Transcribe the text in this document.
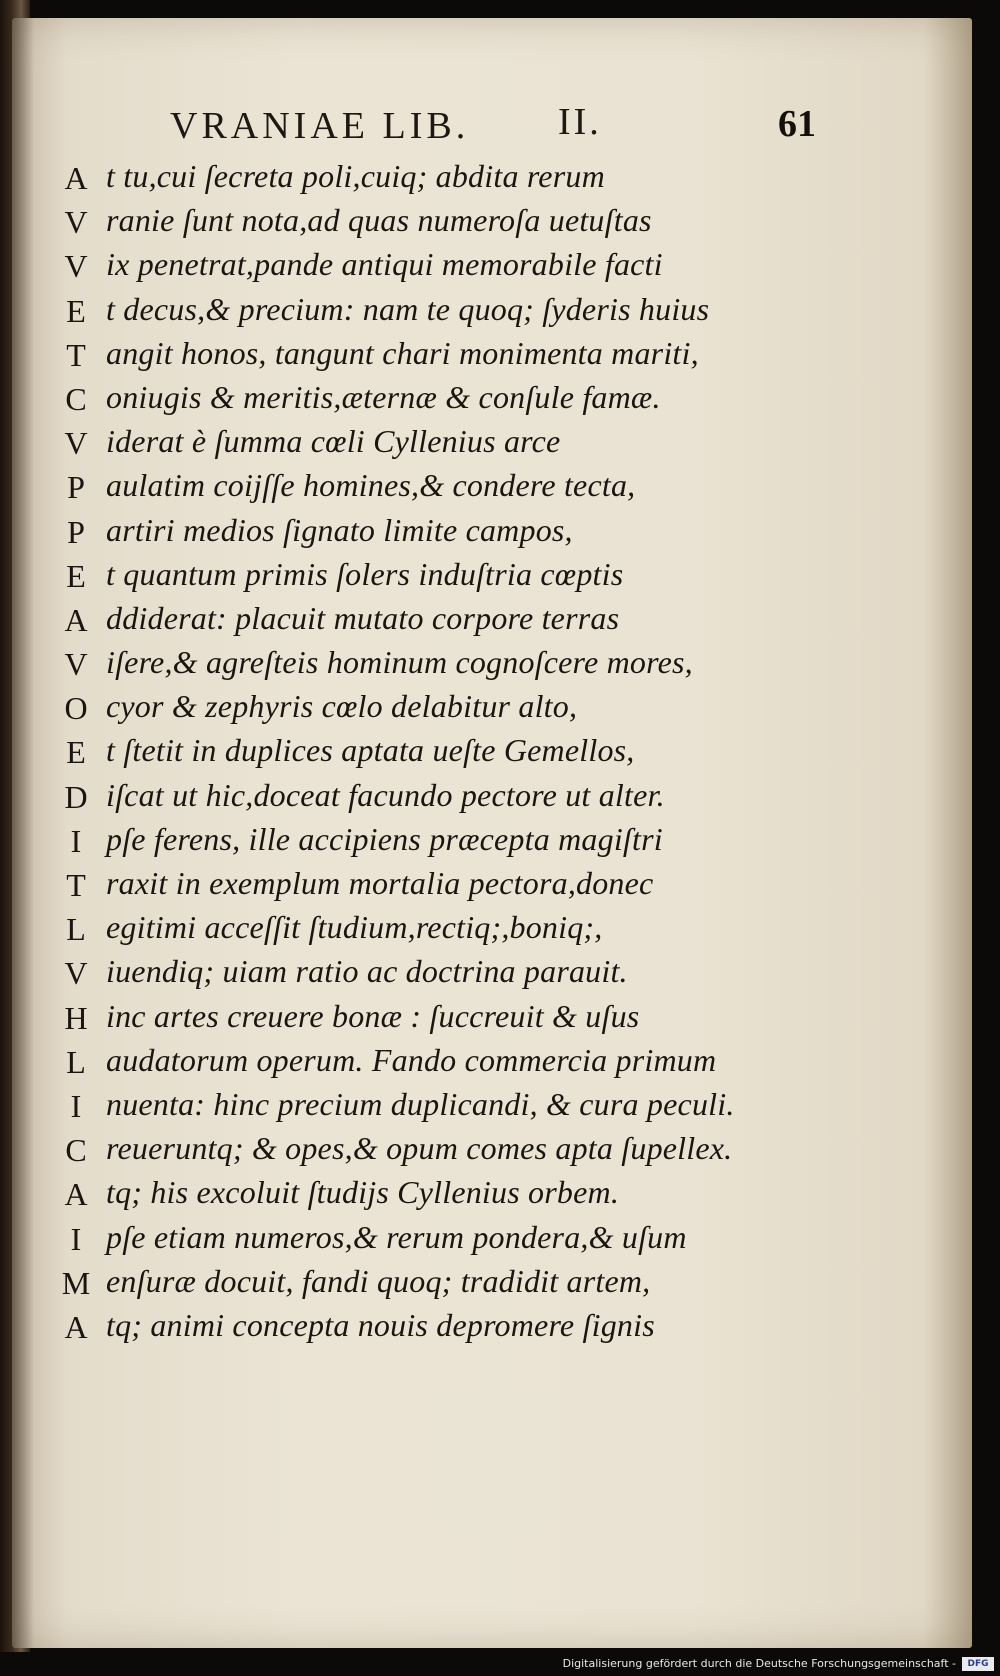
VRANIAE LIB. II.	61
A t tu,cui ſecreta poli,cuiq; abdita rerum
V ranie ſunt nota,ad quas numeroſa uetuſtas
V ix penetrat,pande antiqui memorabile facti
E t decus,& precium: nam te quoq; ſyderis huius
T angit honos, tangunt chari monimenta mariti,
C oniugis & meritis,æternæ & conſule famæ.
V iderat è ſumma cœli Cyllenius arce
P aulatim coijſſe homines,& condere tecta,
P artiri medios ſignato limite campos,
E t quantum primis ſolers induſtria cœptis
A ddiderat: placuit mutato corpore terras
V iſere,& agreſteis hominum cognoſcere mores,
O cyor & zephyris cœlo delabitur alto,
E t ſtetit in duplices aptata ueſte Gemellos,
D iſcat ut hic,doceat facundo pectore ut alter.
I pſe ferens, ille accipiens præcepta magiſtri
T raxit in exemplum mortalia pectora,donec
L egitimi acceſſit ſtudium,rectiq;,boniq;,
V iuendiq; uiam ratio ac doctrina parauit.
H inc artes creuere bonæ : ſuccreuit & uſus
L audatorum operum. Fando commercia primum
I nuenta: hinc precium duplicandi, & cura peculi.
C reueruntq; & opes,& opum comes apta ſupellex.
A tq; his excoluit ſtudijs Cyllenius orbem.
I pſe etiam numeros,& rerum pondera,& uſum
M enſuræ docuit, fandi quoq; tradidit artem,
A tq; animi concepta nouis depromere ſignis
Digitalisierung gefördert durch die Deutsche Forschungsgemeinschaft -	DFG
